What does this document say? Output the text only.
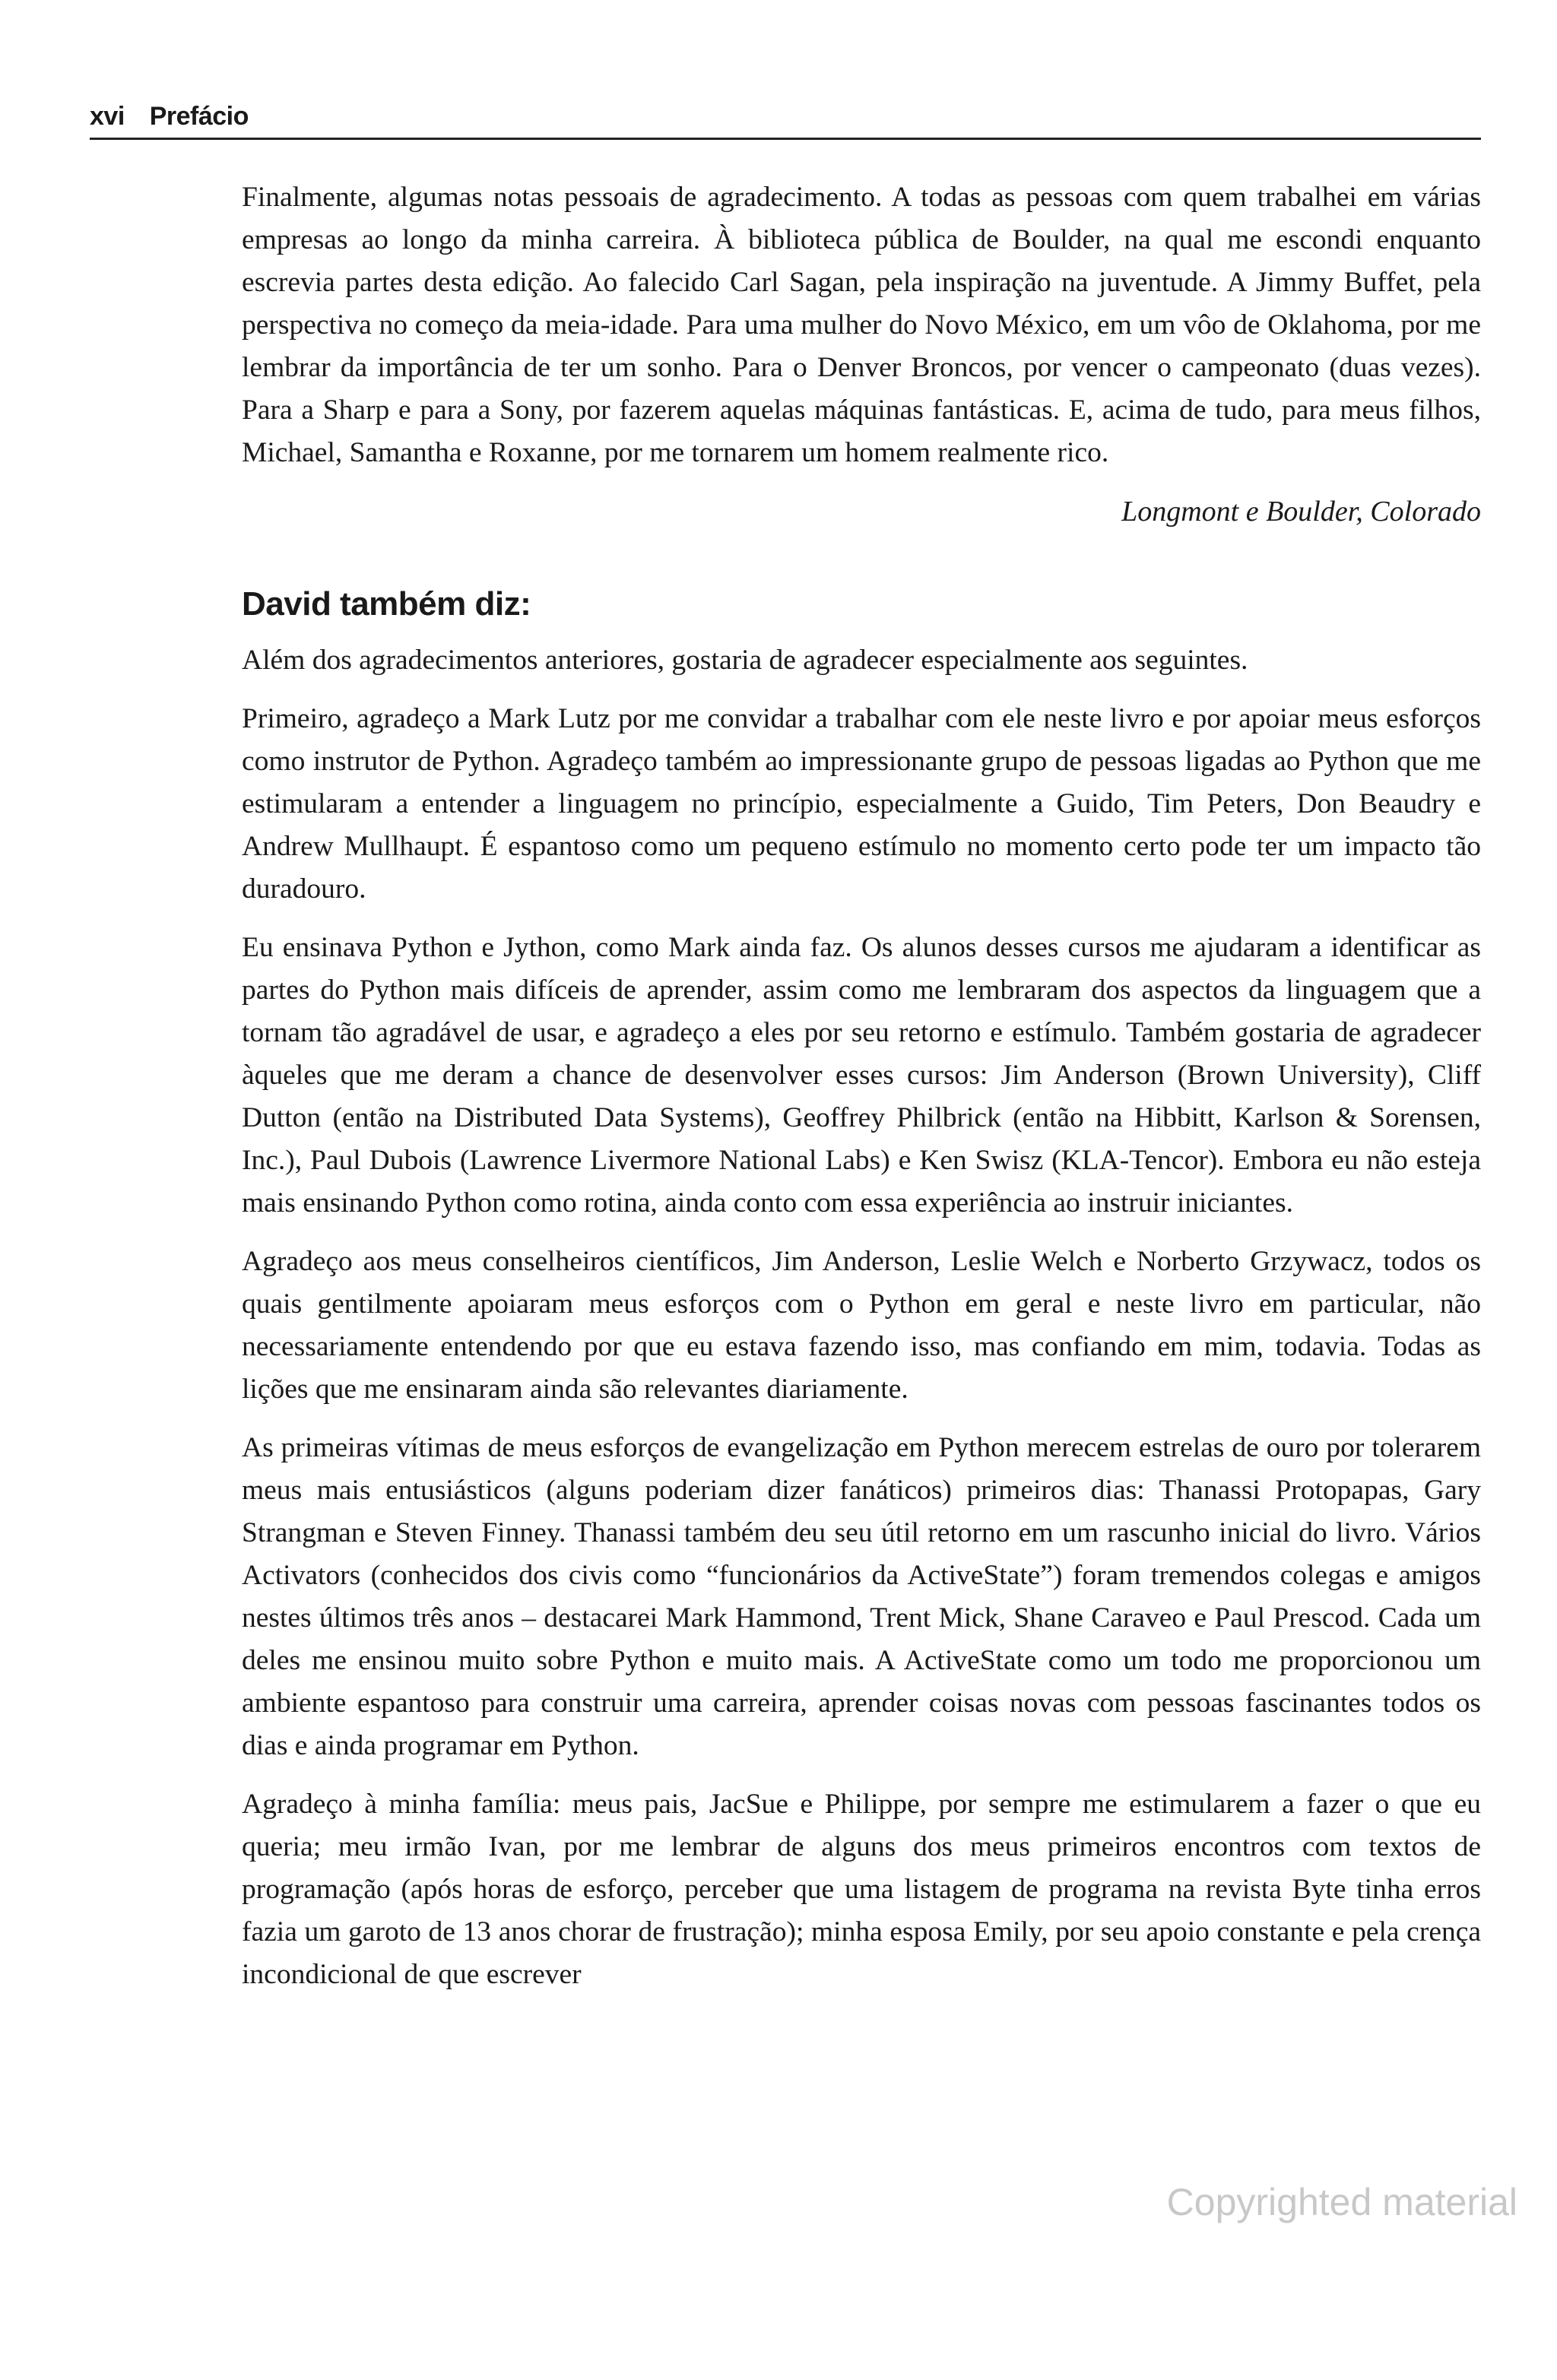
xvi Prefácio

Finalmente, algumas notas pessoais de agradecimento. A todas as pessoas com quem trabalhei em várias empresas ao longo da minha carreira. À biblioteca pública de Boulder, na qual me escondi enquanto escrevia partes desta edição. Ao falecido Carl Sagan, pela inspiração na juventude. A Jimmy Buffet, pela perspectiva no começo da meia-idade. Para uma mulher do Novo México, em um vôo de Oklahoma, por me lembrar da importância de ter um sonho. Para o Denver Broncos, por vencer o campeonato (duas vezes). Para a Sharp e para a Sony, por fazerem aquelas máquinas fantásticas. E, acima de tudo, para meus filhos, Michael, Samantha e Roxanne, por me tornarem um homem realmente rico.

Longmont e Boulder, Colorado
David também diz:

Além dos agradecimentos anteriores, gostaria de agradecer especialmente aos seguintes.

Primeiro, agradeço a Mark Lutz por me convidar a trabalhar com ele neste livro e por apoiar meus esforços como instrutor de Python. Agradeço também ao impressionante grupo de pessoas ligadas ao Python que me estimularam a entender a linguagem no princípio, especialmente a Guido, Tim Peters, Don Beaudry e Andrew Mullhaupt. É espantoso como um pequeno estímulo no momento certo pode ter um impacto tão duradouro.

Eu ensinava Python e Jython, como Mark ainda faz. Os alunos desses cursos me ajudaram a identificar as partes do Python mais difíceis de aprender, assim como me lembraram dos aspectos da linguagem que a tornam tão agradável de usar, e agradeço a eles por seu retorno e estímulo. Também gostaria de agradecer àqueles que me deram a chance de desenvolver esses cursos: Jim Anderson (Brown University), Cliff Dutton (então na Distributed Data Systems), Geoffrey Philbrick (então na Hibbitt, Karlson & Sorensen, Inc.), Paul Dubois (Lawrence Livermore National Labs) e Ken Swisz (KLA-Tencor). Embora eu não esteja mais ensinando Python como rotina, ainda conto com essa experiência ao instruir iniciantes.

Agradeço aos meus conselheiros científicos, Jim Anderson, Leslie Welch e Norberto Grzywacz, todos os quais gentilmente apoiaram meus esforços com o Python em geral e neste livro em particular, não necessariamente entendendo por que eu estava fazendo isso, mas confiando em mim, todavia. Todas as lições que me ensinaram ainda são relevantes diariamente.

As primeiras vítimas de meus esforços de evangelização em Python merecem estrelas de ouro por tolerarem meus mais entusiásticos (alguns poderiam dizer fanáticos) primeiros dias: Thanassi Protopapas, Gary Strangman e Steven Finney. Thanassi também deu seu útil retorno em um rascunho inicial do livro. Vários Activators (conhecidos dos civis como “funcionários da ActiveState”) foram tremendos colegas e amigos nestes últimos três anos – destacarei Mark Hammond, Trent Mick, Shane Caraveo e Paul Prescod. Cada um deles me ensinou muito sobre Python e muito mais. A ActiveState como um todo me proporcionou um ambiente espantoso para construir uma carreira, aprender coisas novas com pessoas fascinantes todos os dias e ainda programar em Python.

Agradeço à minha família: meus pais, JacSue e Philippe, por sempre me estimularem a fazer o que eu queria; meu irmão Ivan, por me lembrar de alguns dos meus primeiros encontros com textos de programação (após horas de esforço, perceber que uma listagem de programa na revista Byte tinha erros fazia um garoto de 13 anos chorar de frustração); minha esposa Emily, por seu apoio constante e pela crença incondicional de que escrever

Copyrighted material
